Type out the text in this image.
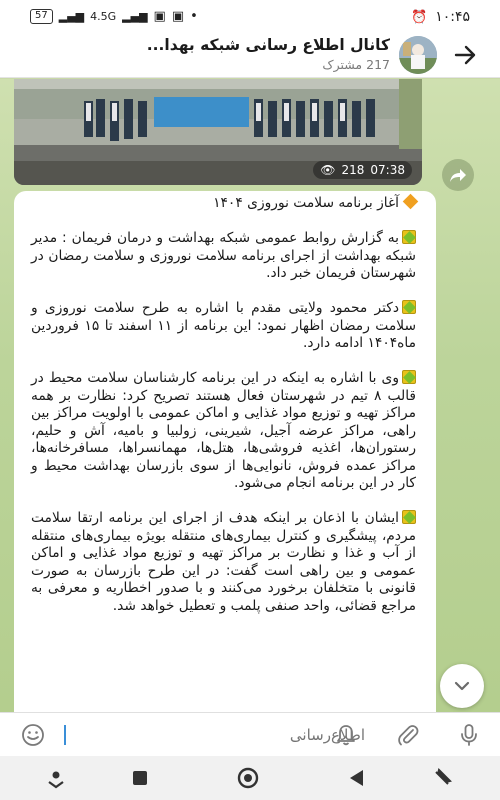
57	▂▄▆ 4.5G ▂▄▆ ▣ ▣ •	⏰ ۱۰:۴۵
کانال اطلاع رسانی شبکه بهدا...
217
مشترک
👁 218 07:38
آغاز برنامه سلامت نوروزی ۱۴۰۴
به گزارش روابط عمومی شبکه بهداشت و درمان فریمان : مدیر شبکه بهداشت از اجرای برنامه سلامت نوروزی و سلامت رمضان در شهرستان فریمان خبر داد.
دکتر محمود ولایتی مقدم با اشاره به طرح سلامت نوروزی و سلامت رمضان اظهار نمود: این برنامه از ۱۱ اسفند تا ۱۵ فروردین ماه۱۴۰۴ ادامه دارد.
وی با اشاره به اینکه در این برنامه کارشناسان سلامت محیط در قالب ۸ تیم در شهرستان فعال هستند تصریح کرد: نظارت بر همه مراکز تهیه و توزیع مواد غذایی و اماکن عمومی با اولویت مراکز بین راهی، مراکز عرضه آجیل، شیرینی، زولبیا و بامیه، آش و حلیم، رستوران‌ها، اغذیه فروشی‌ها، هتل‌ها، مهمانسراها، مسافرخانه‌ها، مراکز عمده فروش، نانوایی‌ها از سوی بازرسان بهداشت محیط و کار در این برنامه انجام می‌شود.
ایشان با اذعان بر اینکه هدف از اجرای این برنامه ارتقا سلامت مردم، پیشگیری و کنترل بیماری‌های منتقله بویژه بیماری‌های منتقله از آب و غذا و نظارت بر مراکز تهیه و توزیع مواد غذایی و اماکن عمومی و بین راهی است گفت: در این طرح بازرسان به صورت قانونی با متخلفان برخورد می‌کنند و با صدور اخطاریه و معرفی به مراجع قضائی، واحد صنفی پلمب و تعطیل خواهد شد.
اطلاع‌رسانی
